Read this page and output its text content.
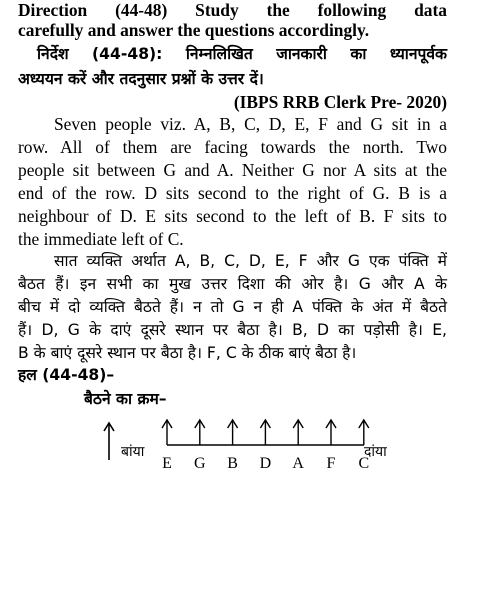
Direction (44-48) Study the following data
carefully and answer the questions accordingly.
निर्देश (44-48): निम्नलिखित जानकारी का ध्यानपूर्वक
अध्ययन करें और तदनुसार प्रश्नों के उत्तर दें।
(IBPS RRB Clerk Pre- 2020)
Seven people viz. A, B, C, D, E, F and G sit in a
row. All of them are facing towards the north. Two
people sit between G and A. Neither G nor A sits at the
end of the row. D sits second to the right of G. B is a
neighbour of D. E sits second to the left of B. F sits to
the immediate left of C.
सात व्यक्ति अर्थात A, B, C, D, E, F और G एक पंक्ति में
बैठत हैं। इन सभी का मुख उत्तर दिशा की ओर है। G और A के
बीच में दो व्यक्ति बैठते हैं। न तो G न ही A पंक्ति के अंत में बैठते
हैं। D, G के दाएं दूसरे स्थान पर बैठा है। B, D का पड़ोसी है। E,
B के बाएं दूसरे स्थान पर बैठा है। F, C के ठीक बाएं बैठा है।
हल (44-48)–
बैठने का क्रम–
बांया	दांया
E G B D A F C
